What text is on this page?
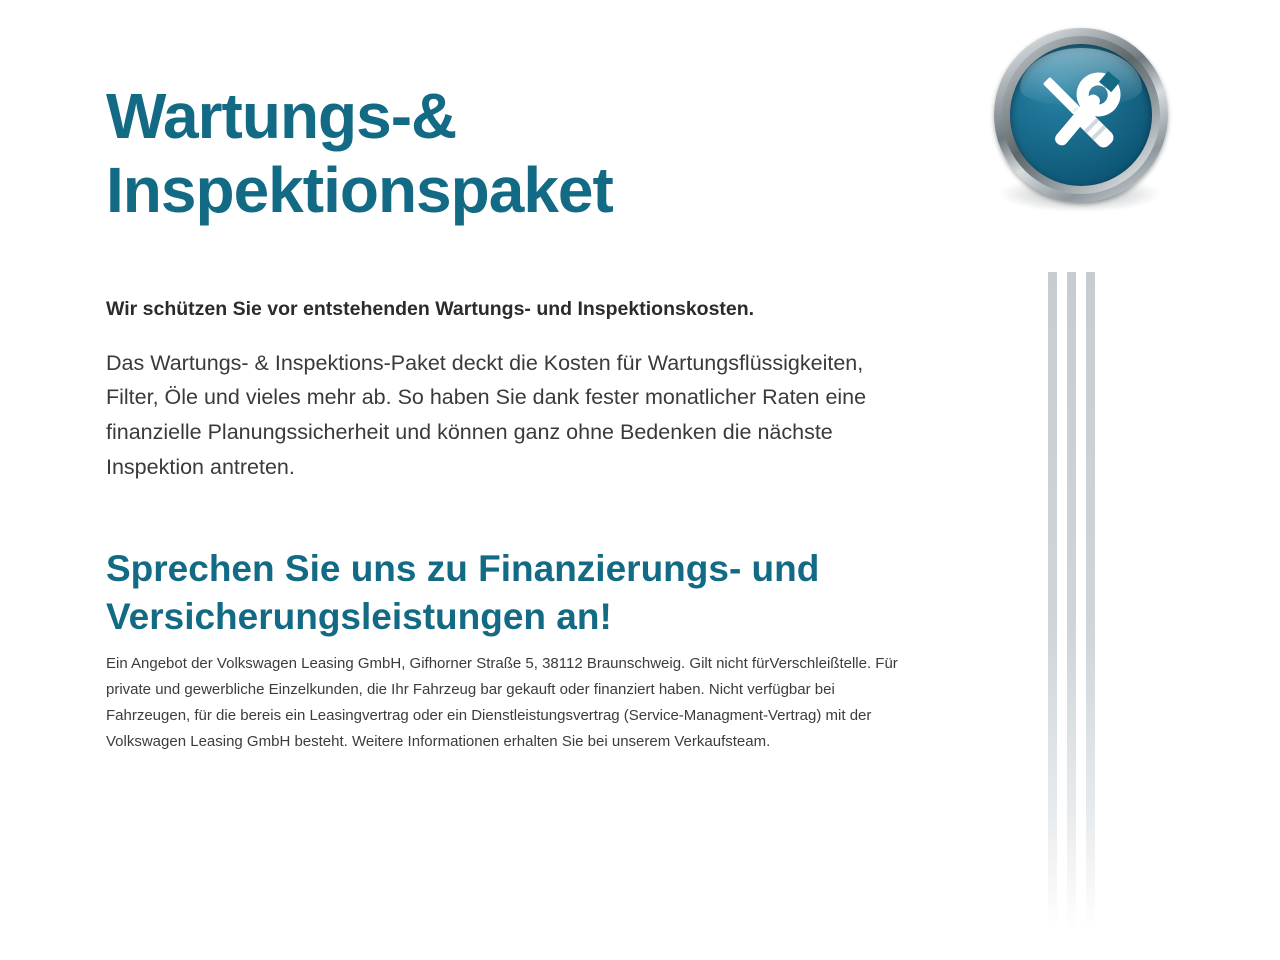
Wartungs-& Inspektionspaket

Wir schützen Sie vor entstehenden Wartungs- und Inspektionskosten.

Das Wartungs- & Inspektions-Paket deckt die Kosten für Wartungsflüssigkeiten, Filter, Öle und vieles mehr ab. So haben Sie dank fester monatlicher Raten eine finanzielle Planungssicherheit und können ganz ohne Bedenken die nächste Inspektion antreten.

Sprechen Sie uns zu Finanzierungs- und Versicherungsleistungen an!

Ein Angebot der Volkswagen Leasing GmbH, Gifhorner Straße 5, 38112 Braunschweig. Gilt nicht fürVerschleißtelle. Für private und gewerbliche Einzelkunden, die Ihr Fahrzeug bar gekauft oder finanziert haben. Nicht verfügbar bei Fahrzeugen, für die bereis ein Leasingvertrag oder ein Dienstleistungsvertrag (Service-Managment-Vertrag) mit der Volkswagen Leasing GmbH besteht. Weitere Informationen erhalten Sie bei unserem Verkaufsteam.
